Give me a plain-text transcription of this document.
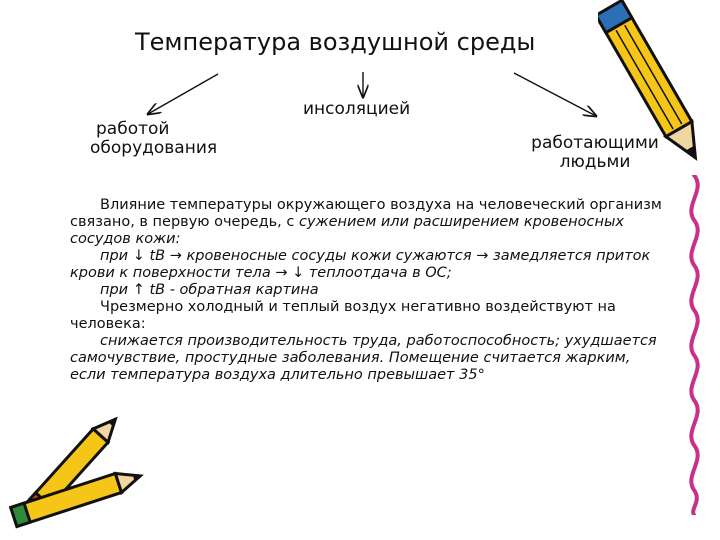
Температура воздушной среды
работой
оборудования
инсоляцией
работающими
людьми

Влияние температуры окружающего воздуха на человеческий организм связано, в первую очередь, с сужением или расширением кровеносных сосудов кожи:

при ↓ tB → кровеносные сосуды кожи сужаются → замедляется приток крови к поверхности тела → ↓ теплоотдача в ОС;

при ↑ tB - обратная картина

Чрезмерно холодный и теплый воздух негативно воздействуют на человека:

снижается производительность труда, работоспособность; ухудшается самочувствие, простудные заболевания. Помещение считается жарким, если температура воздуха длительно превышает 35°
